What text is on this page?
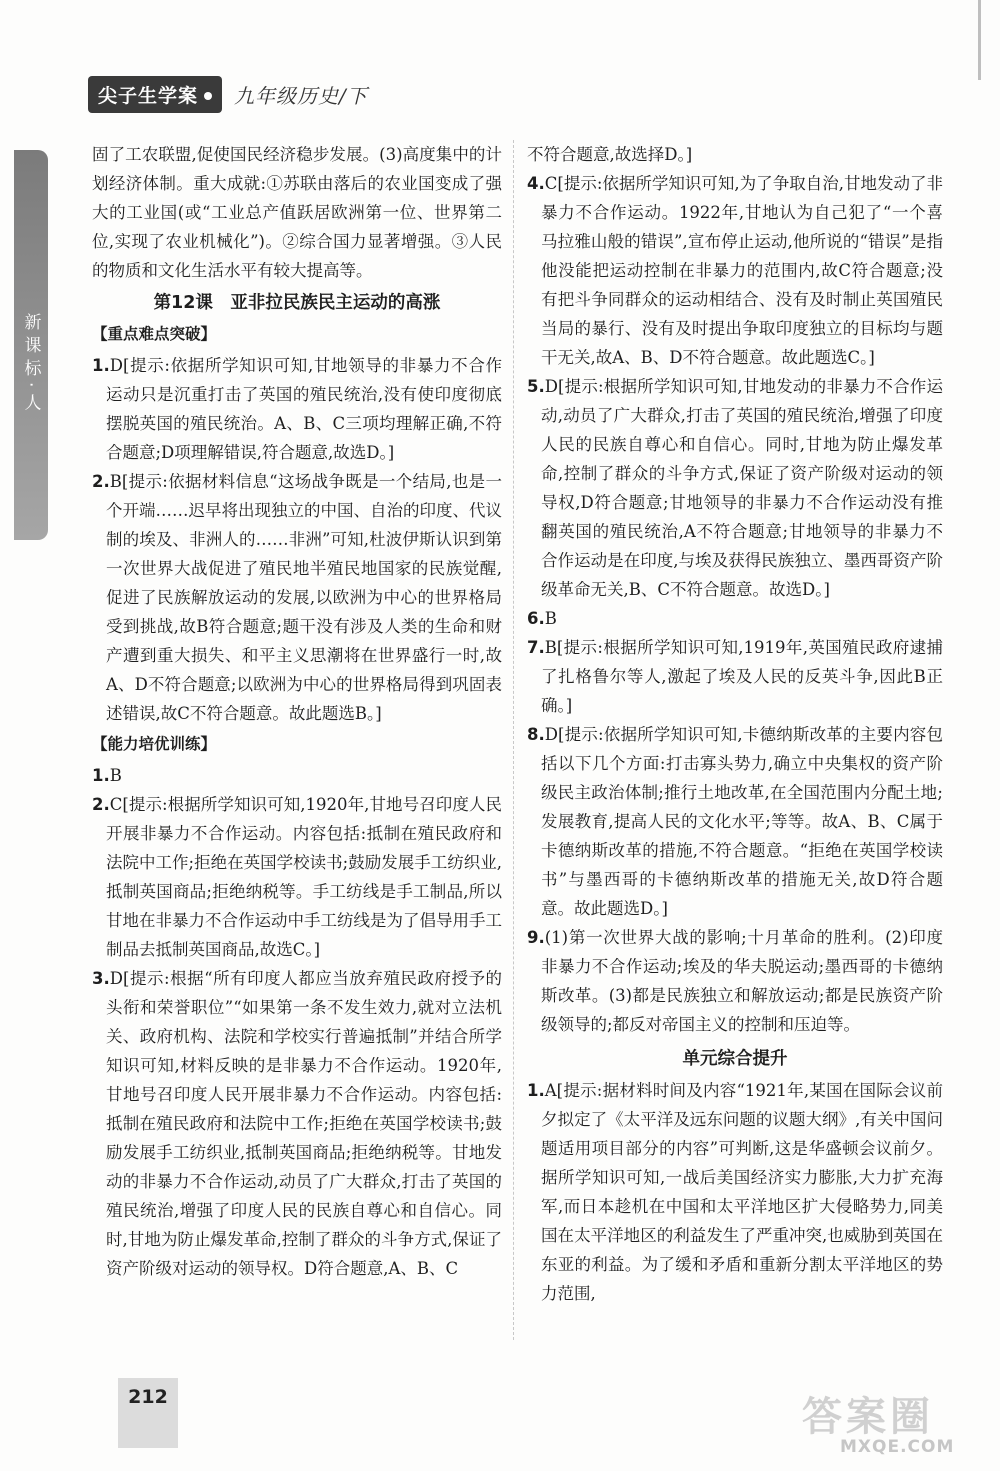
尖子生学案	九年级历史/下
新课标·人

固了工农联盟,促使国民经济稳步发展。(3)高度集中的计划经济体制。重大成就:①苏联由落后的农业国变成了强大的工业国(或“工业总产值跃居欧洲第一位、世界第二位,实现了农业机械化”)。②综合国力显著增强。③人民的物质和文化生活水平有较大提高等。

第12课　亚非拉民族民主运动的高涨
【重点难点突破】

1.D[提示:依据所学知识可知,甘地领导的非暴力不合作运动只是沉重打击了英国的殖民统治,没有使印度彻底摆脱英国的殖民统治。A、B、C三项均理解正确,不符合题意;D项理解错误,符合题意,故选D。]

2.B[提示:依据材料信息“这场战争既是一个结局,也是一个开端……迟早将出现独立的中国、自治的印度、代议制的埃及、非洲人的……非洲”可知,杜波伊斯认识到第一次世界大战促进了殖民地半殖民地国家的民族觉醒,促进了民族解放运动的发展,以欧洲为中心的世界格局受到挑战,故B符合题意;题干没有涉及人类的生命和财产遭到重大损失、和平主义思潮将在世界盛行一时,故A、D不符合题意;以欧洲为中心的世界格局得到巩固表述错误,故C不符合题意。故此题选B。]

【能力培优训练】

1.B

2.C[提示:根据所学知识可知,1920年,甘地号召印度人民开展非暴力不合作运动。内容包括:抵制在殖民政府和法院中工作;拒绝在英国学校读书;鼓励发展手工纺织业,抵制英国商品;拒绝纳税等。手工纺线是手工制品,所以甘地在非暴力不合作运动中手工纺线是为了倡导用手工制品去抵制英国商品,故选C。]

3.D[提示:根据“所有印度人都应当放弃殖民政府授予的头衔和荣誉职位”“如果第一条不发生效力,就对立法机关、政府机构、法院和学校实行普遍抵制”并结合所学知识可知,材料反映的是非暴力不合作运动。1920年,甘地号召印度人民开展非暴力不合作运动。内容包括:抵制在殖民政府和法院中工作;拒绝在英国学校读书;鼓励发展手工纺织业,抵制英国商品;拒绝纳税等。甘地发动的非暴力不合作运动,动员了广大群众,打击了英国的殖民统治,增强了印度人民的民族自尊心和自信心。同时,甘地为防止爆发革命,控制了群众的斗争方式,保证了资产阶级对运动的领导权。D符合题意,A、B、C

不符合题意,故选择D。]

4.C[提示:依据所学知识可知,为了争取自治,甘地发动了非暴力不合作运动。1922年,甘地认为自己犯了“一个喜马拉雅山般的错误”,宣布停止运动,他所说的“错误”是指他没能把运动控制在非暴力的范围内,故C符合题意;没有把斗争同群众的运动相结合、没有及时制止英国殖民当局的暴行、没有及时提出争取印度独立的目标均与题干无关,故A、B、D不符合题意。故此题选C。]

5.D[提示:根据所学知识可知,甘地发动的非暴力不合作运动,动员了广大群众,打击了英国的殖民统治,增强了印度人民的民族自尊心和自信心。同时,甘地为防止爆发革命,控制了群众的斗争方式,保证了资产阶级对运动的领导权,D符合题意;甘地领导的非暴力不合作运动没有推翻英国的殖民统治,A不符合题意;甘地领导的非暴力不合作运动是在印度,与埃及获得民族独立、墨西哥资产阶级革命无关,B、C不符合题意。故选D。]

6.B

7.B[提示:根据所学知识可知,1919年,英国殖民政府逮捕了扎格鲁尔等人,激起了埃及人民的反英斗争,因此B正确。]

8.D[提示:依据所学知识可知,卡德纳斯改革的主要内容包括以下几个方面:打击寡头势力,确立中央集权的资产阶级民主政治体制;推行土地改革,在全国范围内分配土地;发展教育,提高人民的文化水平;等等。故A、B、C属于卡德纳斯改革的措施,不符合题意。“拒绝在英国学校读书”与墨西哥的卡德纳斯改革的措施无关,故D符合题意。故此题选D。]

9.(1)第一次世界大战的影响;十月革命的胜利。(2)印度非暴力不合作运动;埃及的华夫脱运动;墨西哥的卡德纳斯改革。(3)都是民族独立和解放运动;都是民族资产阶级领导的;都反对帝国主义的控制和压迫等。

单元综合提升

1.A[提示:据材料时间及内容“1921年,某国在国际会议前夕拟定了《太平洋及远东问题的议题大纲》,有关中国问题适用项目部分的内容”可判断,这是华盛顿会议前夕。据所学知识可知,一战后美国经济实力膨胀,大力扩充海军,而日本趁机在中国和太平洋地区扩大侵略势力,同美国在太平洋地区的利益发生了严重冲突,也威胁到英国在东亚的利益。为了缓和矛盾和重新分割太平洋地区的势力范围,

212	答案圈
MXQE.COM
